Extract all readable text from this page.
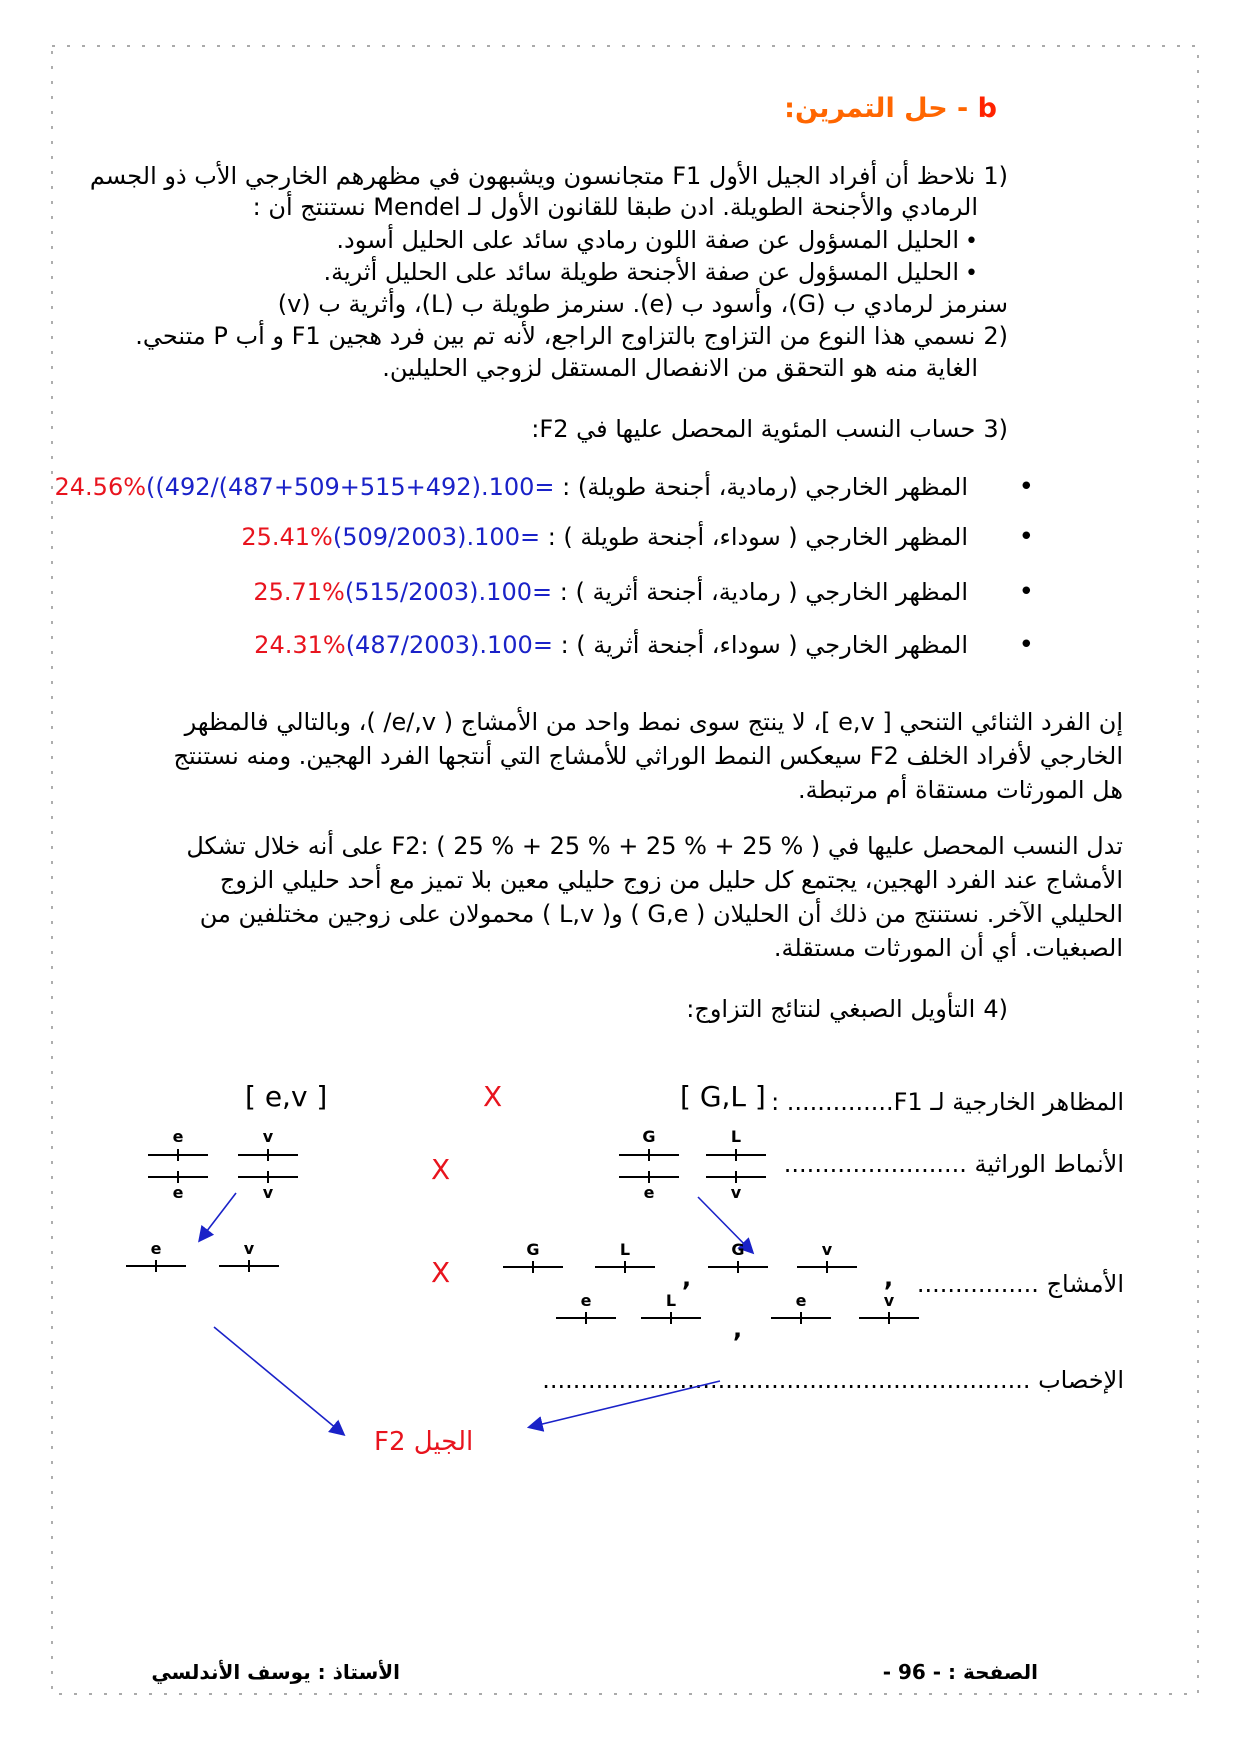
b - حل التمرين:
(1نلاحظ أن أفراد الجيل الأول F1 متجانسون ويشبهون في مظهرهم الخارجي الأب ذو الجسم
الرمادي والأجنحة الطويلة. ادن طبقا للقانون الأول لـ Mendel نستنتج أن :
• الحليل المسؤول عن صفة اللون رمادي سائد على الحليل أسود.
• الحليل المسؤول عن صفة الأجنحة طويلة سائد على الحليل أثرية.
سنرمز لرمادي ب (G)، وأسود ب (e). سنرمز طويلة ب (L)، وأثرية ب (v)
(2نسمي هذا النوع من التزاوج بالتزاوج الراجع، لأنه تم بين فرد هجين F1 و أب P متنحي.
الغاية منه هو التحقق من الانفصال المستقل لزوجي الحليلين.
(3حساب النسب المئوية المحصل عليها في F2:
•
المظهر الخارجي (رمادية، أجنحة طويلة) : 24.56%((492/(487+509+515+492).100=
•
المظهر الخارجي ( سوداء، أجنحة طويلة ) : 25.41%(509/2003).100=
•
المظهر الخارجي ( رمادية، أجنحة أثرية ) : 25.71%(515/2003).100=
•
المظهر الخارجي ( سوداء، أجنحة أثرية ) : 24.31%(487/2003).100=
إن الفرد الثنائي التنحي [ e,v ]، لا ينتج سوى نمط واحد من الأمشاج ( e/,v/ )، وبالتالي فالمظهر
الخارجي لأفراد الخلف F2 سيعكس النمط الوراثي للأمشاج التي أنتجها الفرد الهجين. ومنه نستنتج
هل المورثات مستقاة أم مرتبطة.
تدل النسب المحصل عليها في F2: ( 25 % + 25 % + 25 % + 25 % ) على أنه خلال تشكل
الأمشاج عند الفرد الهجين، يجتمع كل حليل من زوج حليلي معين بلا تميز مع أحد حليلي الزوج
الحليلي الآخر. نستنتج من ذلك أن الحليلان ( G,e ) و( L,v ) محمولان على زوجين مختلفين من
الصبغيات. أي أن المورثات مستقلة.
(4التأويل الصبغي لنتائج التزاوج:
المظاهر الخارجية لـ F1.............. :
الأنماط الوراثية ........................
الأمشاج ................
الإخصاب ................................................................
[ G,L ]
[ e,v ]	X
X
X
G	L
e	v
e	v
e	v
G	L	G	v
e	L	e	v
e	v
,	,
,
الجيل F2
الأستاذ : يوسف الأندلسي	الصفحة : - 96 -
